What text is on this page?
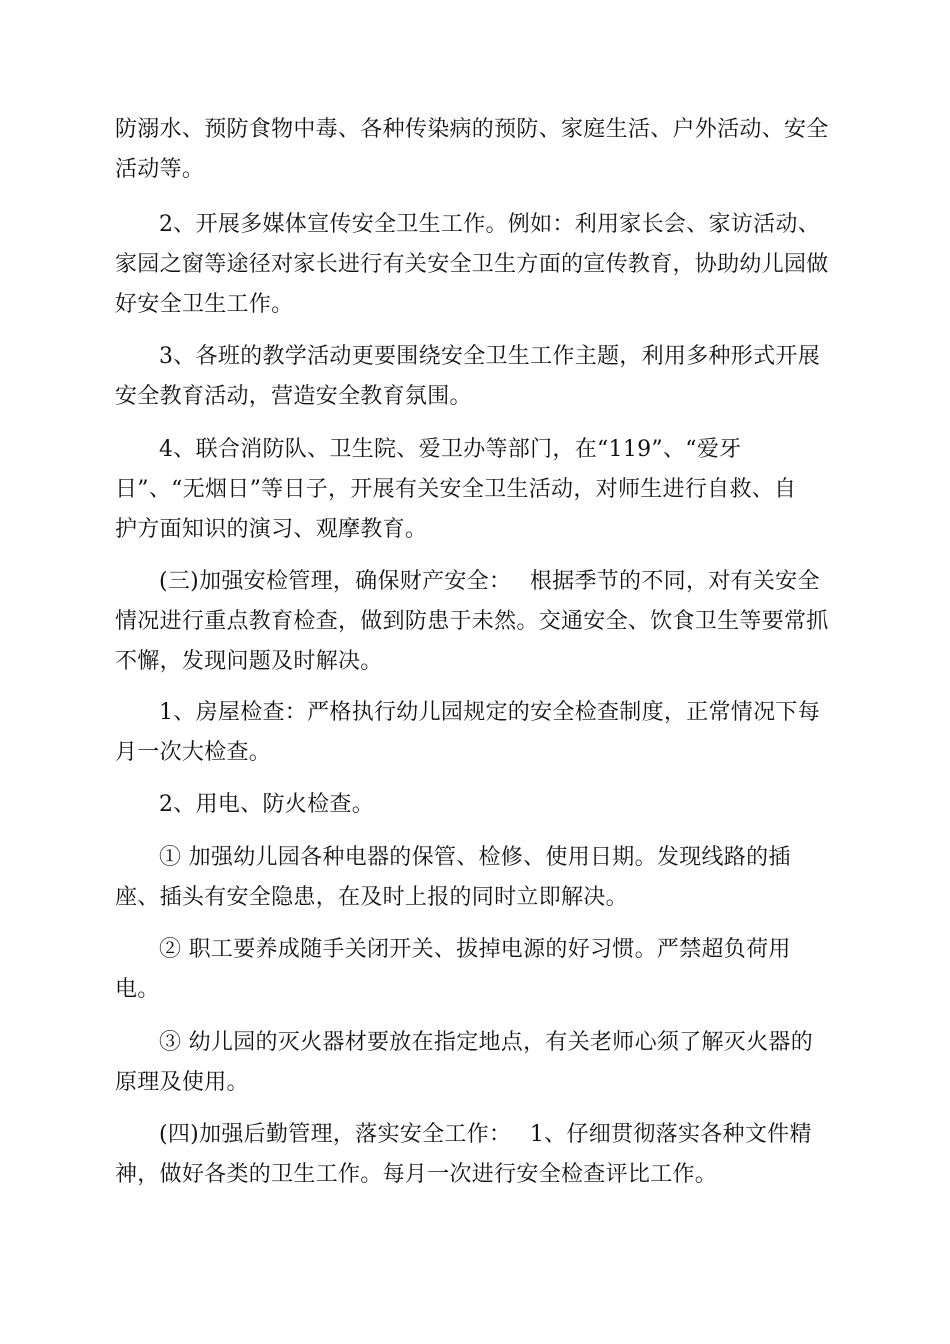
防溺水、预防食物中毒、各种传染病的预防、家庭生活、户外活动、安全
活动等。
2、开展多媒体宣传安全卫生工作。例如：利用家长会、家访活动、
家园之窗等途径对家长进行有关安全卫生方面的宣传教育，协助幼儿园做
好安全卫生工作。
3、各班的教学活动更要围绕安全卫生工作主题，利用多种形式开展
安全教育活动，营造安全教育氛围。
4、联合消防队、卫生院、爱卫办等部门，在“119”、“爱牙
日”、“无烟日”等日子，开展有关安全卫生活动，对师生进行自救、自
护方面知识的演习、观摩教育。
(三)加强安检管理，确保财产安全：　 根据季节的不同，对有关安全
情况进行重点教育检查，做到防患于未然。交通安全、饮食卫生等要常抓
不懈，发现问题及时解决。
1、房屋检查：严格执行幼儿园规定的安全检查制度，正常情况下每
月一次大检查。
2、用电、防火检查。
① 加强幼儿园各种电器的保管、检修、使用日期。发现线路的插
座、插头有安全隐患，在及时上报的同时立即解决。
② 职工要养成随手关闭开关、拔掉电源的好习惯。严禁超负荷用
电。
③ 幼儿园的灭火器材要放在指定地点，有关老师心须了解灭火器的
原理及使用。
(四)加强后勤管理，落实安全工作：　 1、仔细贯彻落实各种文件精
神，做好各类的卫生工作。每月一次进行安全检查评比工作。
